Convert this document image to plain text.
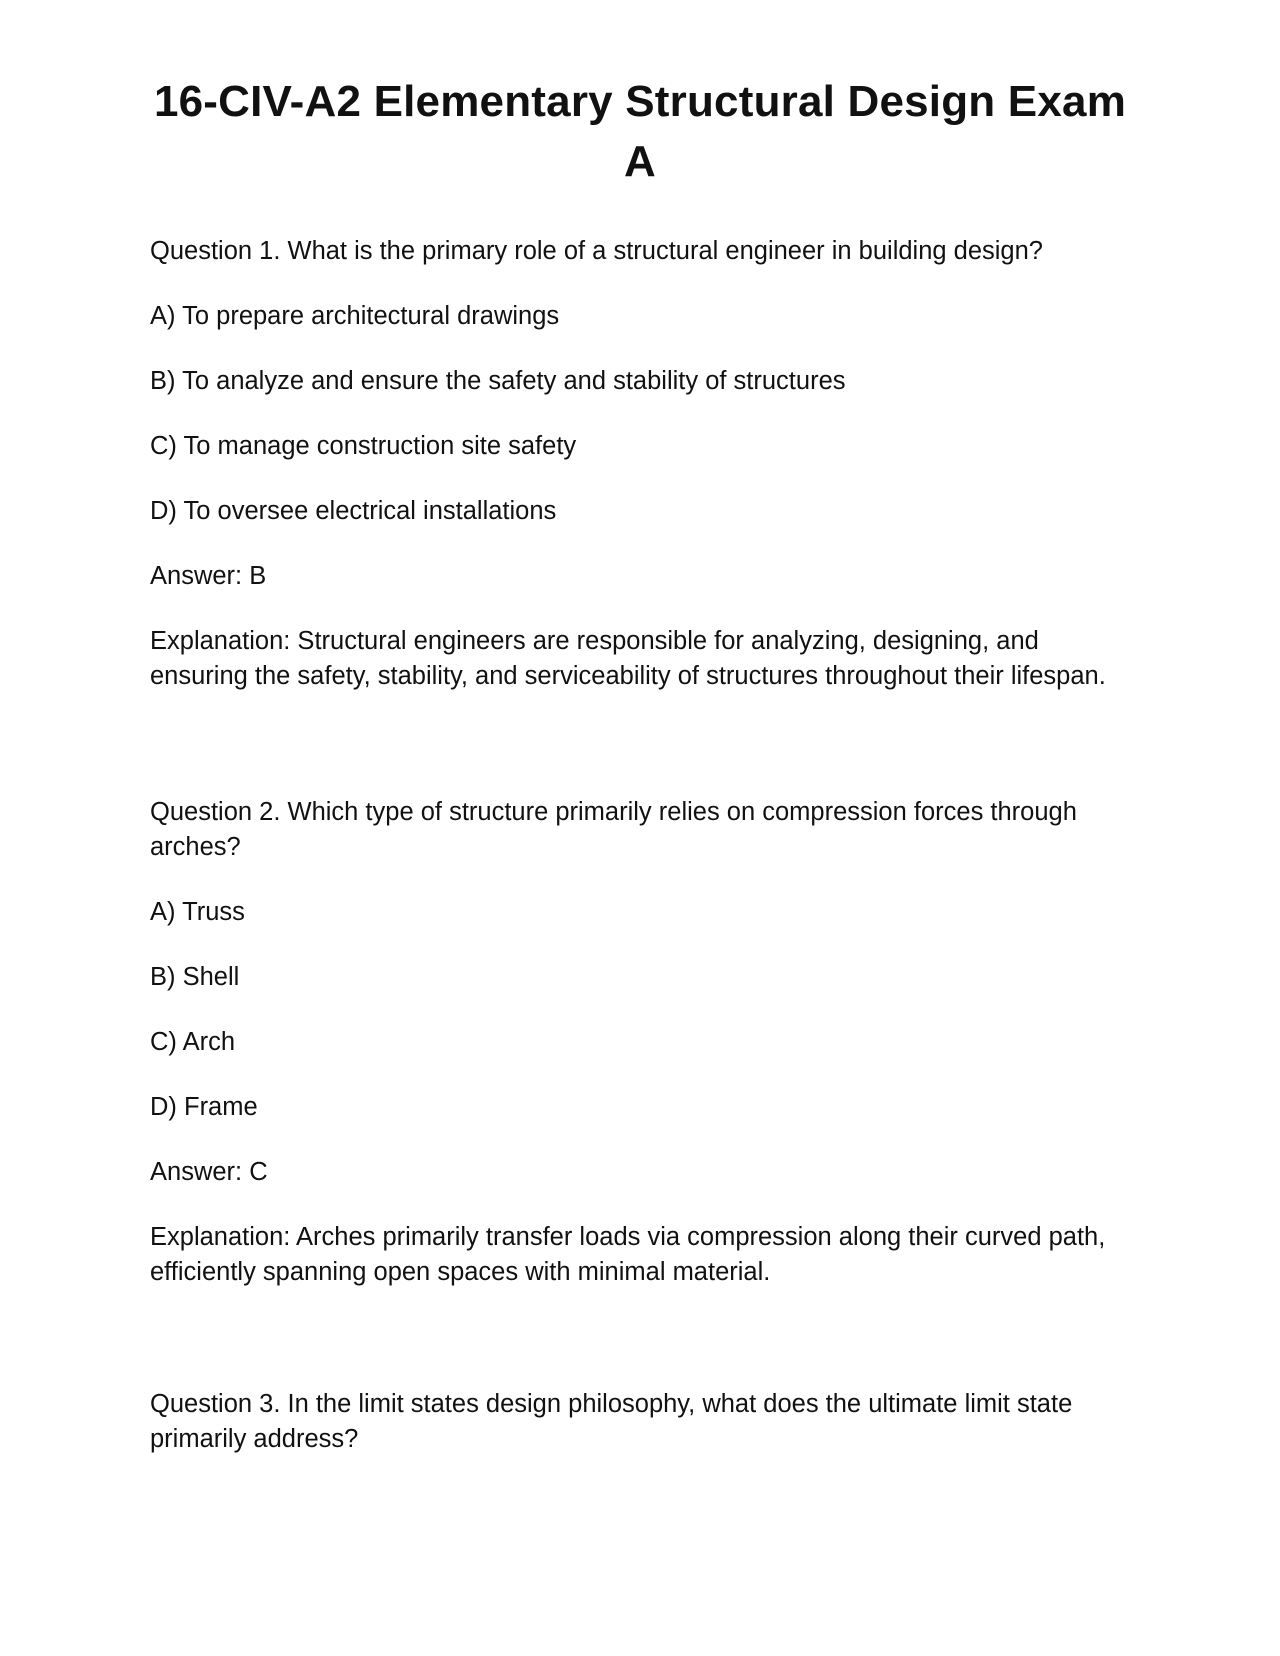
16-CIV-A2 Elementary Structural Design Exam A

Question 1. What is the primary role of a structural engineer in building design?

A) To prepare architectural drawings

B) To analyze and ensure the safety and stability of structures

C) To manage construction site safety

D) To oversee electrical installations

Answer: B

Explanation: Structural engineers are responsible for analyzing, designing, and ensuring the safety, stability, and serviceability of structures throughout their lifespan.

Question 2. Which type of structure primarily relies on compression forces through arches?

A) Truss

B) Shell

C) Arch

D) Frame

Answer: C

Explanation: Arches primarily transfer loads via compression along their curved path, efficiently spanning open spaces with minimal material.

Question 3. In the limit states design philosophy, what does the ultimate limit state primarily address?
